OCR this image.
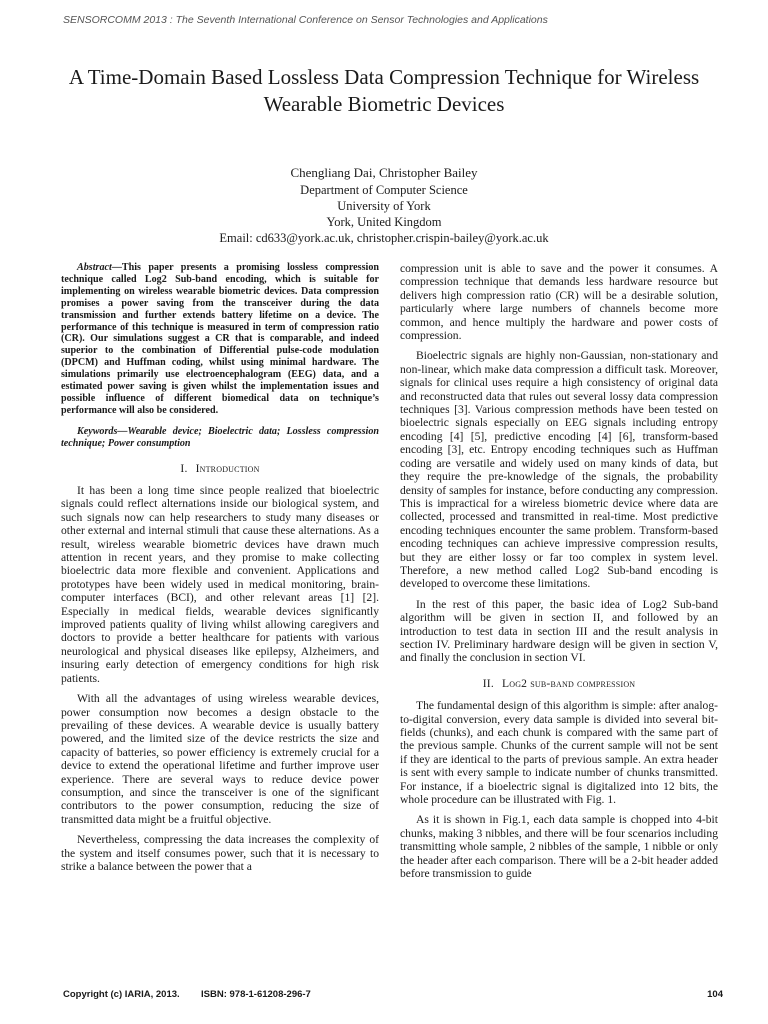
SENSORCOMM 2013 : The Seventh International Conference on Sensor Technologies and Applications
A Time-Domain Based Lossless Data Compression Technique for Wireless Wearable Biometric Devices
Chengliang Dai, Christopher Bailey
Department of Computer Science
University of York
York, United Kingdom
Email: cd633@york.ac.uk, christopher.crispin-bailey@york.ac.uk

Abstract—This paper presents a promising lossless compression technique called Log2 Sub-band encoding, which is suitable for implementing on wireless wearable biometric devices. Data compression promises a power saving from the transceiver during the data transmission and further extends battery lifetime on a device. The performance of this technique is measured in term of compression ratio (CR). Our simulations suggest a CR that is comparable, and indeed superior to the combination of Differential pulse-code modulation (DPCM) and Huffman coding, whilst using minimal hardware. The simulations primarily use electroencephalogram (EEG) data, and a estimated power saving is given whilst the implementation issues and possible influence of different biomedical data on technique’s performance will also be considered.

Keywords—Wearable device; Bioelectric data; Lossless compression technique; Power consumption

I. Introduction

It has been a long time since people realized that bioelectric signals could reflect alternations inside our biological system, and such signals now can help researchers to study many diseases or other external and internal stimuli that cause these alternations. As a result, wireless wearable biometric devices have drawn much attention in recent years, and they promise to make collecting bioelectric data more flexible and convenient. Applications and prototypes have been widely used in medical monitoring, brain-computer interfaces (BCI), and other relevant areas [1] [2]. Especially in medical fields, wearable devices significantly improved patients quality of living whilst allowing caregivers and doctors to provide a better healthcare for patients with various neurological and physical diseases like epilepsy, Alzheimers, and insuring early detection of emergency conditions for high risk patients.

With all the advantages of using wireless wearable devices, power consumption now becomes a design obstacle to the prevailing of these devices. A wearable device is usually battery powered, and the limited size of the device restricts the size and capacity of batteries, so power efficiency is extremely crucial for a device to extend the operational lifetime and further improve user experience. There are several ways to reduce device power consumption, and since the transceiver is one of the significant contributors to the power consumption, reducing the size of transmitted data might be a fruitful objective.

Nevertheless, compressing the data increases the complexity of the system and itself consumes power, such that it is necessary to strike a balance between the power that a

compression unit is able to save and the power it consumes. A compression technique that demands less hardware resource but delivers high compression ratio (CR) will be a desirable solution, particularly where large numbers of channels become more common, and hence multiply the hardware and power costs of compression.

Bioelectric signals are highly non-Gaussian, non-stationary and non-linear, which make data compression a difficult task. Moreover, signals for clinical uses require a high consistency of original data and reconstructed data that rules out several lossy data compression techniques [3]. Various compression methods have been tested on bioelectric signals especially on EEG signals including entropy encoding [4] [5], predictive encoding [4] [6], transform-based encoding [3], etc. Entropy encoding techniques such as Huffman coding are versatile and widely used on many kinds of data, but they require the pre-knowledge of the signals, the probability density of samples for instance, before conducting any compression. This is impractical for a wireless biometric device where data are collected, processed and transmitted in real-time. Most predictive encoding techniques encounter the same problem. Transform-based encoding techniques can achieve impressive compression results, but they are either lossy or far too complex in system level. Therefore, a new method called Log2 Sub-band encoding is developed to overcome these limitations.

In the rest of this paper, the basic idea of Log2 Sub-band algorithm will be given in section II, and followed by an introduction to test data in section III and the result analysis in section IV. Preliminary hardware design will be given in section V, and finally the conclusion in section VI.

II. Log2 sub-band compression

The fundamental design of this algorithm is simple: after analog-to-digital conversion, every data sample is divided into several bit-fields (chunks), and each chunk is compared with the same part of the previous sample. Chunks of the current sample will not be sent if they are identical to the parts of previous sample. An extra header is sent with every sample to indicate number of chunks transmitted. For instance, if a bioelectric signal is digitalized into 12 bits, the whole procedure can be illustrated with Fig. 1.

As it is shown in Fig.1, each data sample is chopped into 4-bit chunks, making 3 nibbles, and there will be four scenarios including transmitting whole sample, 2 nibbles of the sample, 1 nibble or only the header after each comparison. There will be a 2-bit header added before transmission to guide

Copyright (c) IARIA, 2013. ISBN: 978-1-61208-296-7	104
